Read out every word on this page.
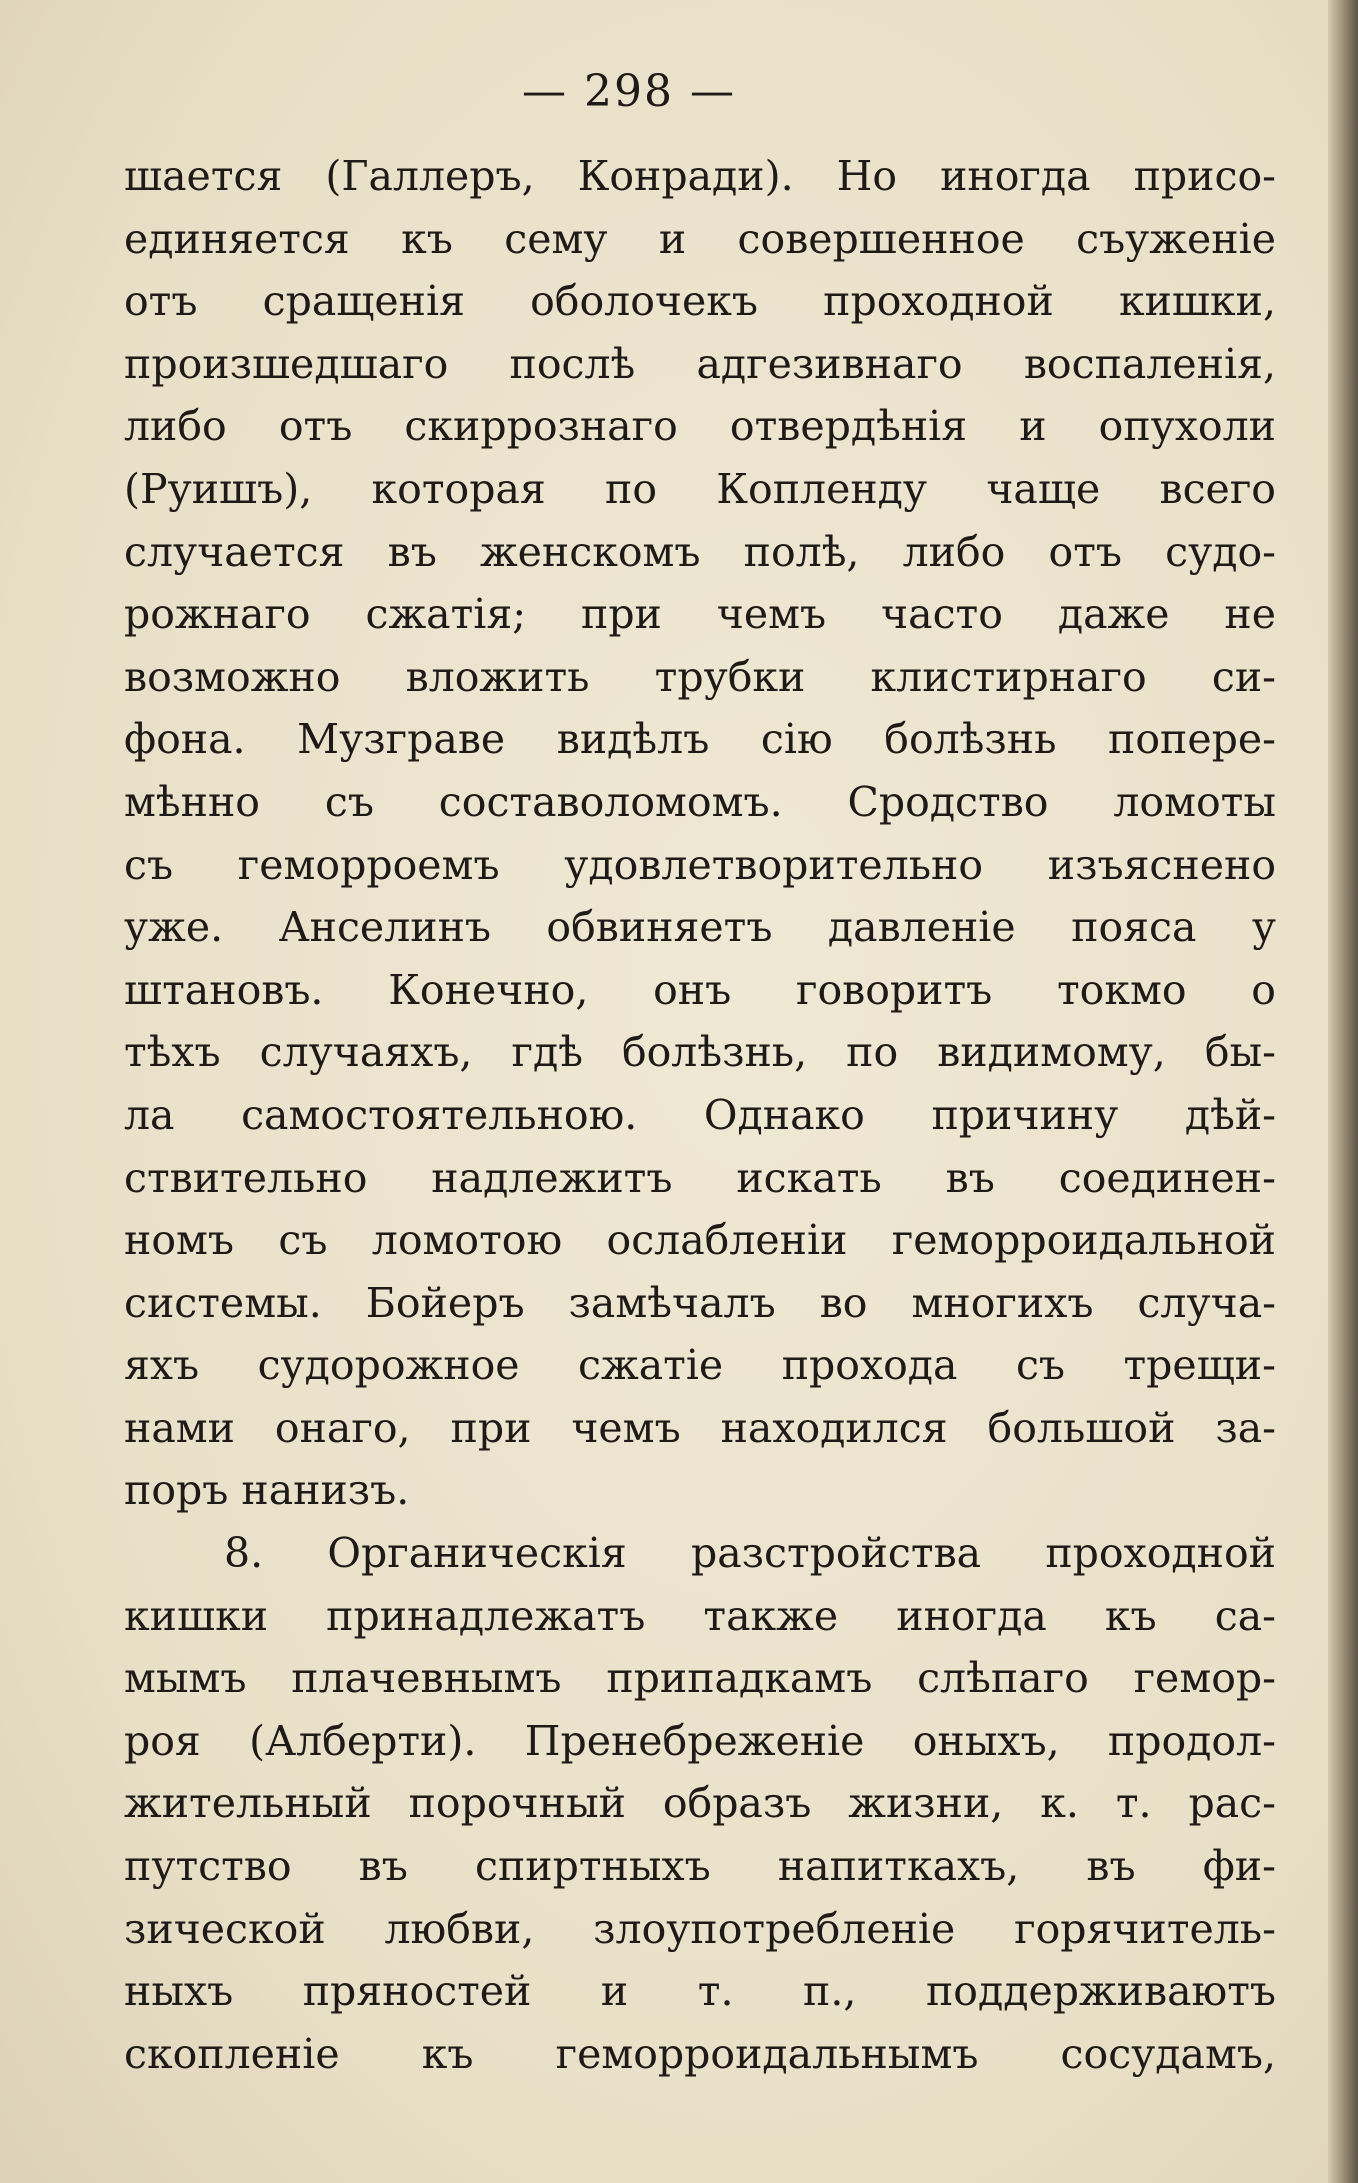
— 298 —
шается (Галлеръ, Конради). Но иногда присо-
единяется къ сему и совершенное съуженіе
отъ сращенія оболочекъ проходной кишки,
произшедшаго послѣ адгезивнаго воспаленія,
либо отъ скиррознаго отвердѣнія и опухоли
(Руишъ), которая по Копленду чаще всего
случается въ женскомъ полѣ, либо отъ судо-
рожнаго сжатія; при чемъ часто даже не
возможно вложить трубки клистирнаго си-
фона. Музграве видѣлъ сію болѣзнь попере-
мѣнно съ составоломомъ. Сродство ломоты
съ геморроемъ удовлетворительно изъяснено
уже. Анселинъ обвиняетъ давленіе пояса у
штановъ. Конечно, онъ говоритъ токмо о
тѣхъ случаяхъ, гдѣ болѣзнь, по видимому, бы-
ла самостоятельною. Однако причину дѣй-
ствительно надлежитъ искать въ соединен-
номъ съ ломотою ослабленіи геморроидальной
системы. Бойеръ замѣчалъ во многихъ случа-
яхъ судорожное сжатіе прохода съ трещи-
нами онаго, при чемъ находился большой за-
поръ нанизъ.
8. Органическія разстройства проходной
кишки принадлежатъ также иногда къ са-
мымъ плачевнымъ припадкамъ слѣпаго гемор-
роя (Алберти). Пренебреженіе оныхъ, продол-
жительный порочный образъ жизни, к. т. рас-
путство въ спиртныхъ напиткахъ, въ фи-
зической любви, злоупотребленіе горячитель-
ныхъ пряностей и т. п., поддерживаютъ
скопленіе къ геморроидальнымъ сосудамъ,
